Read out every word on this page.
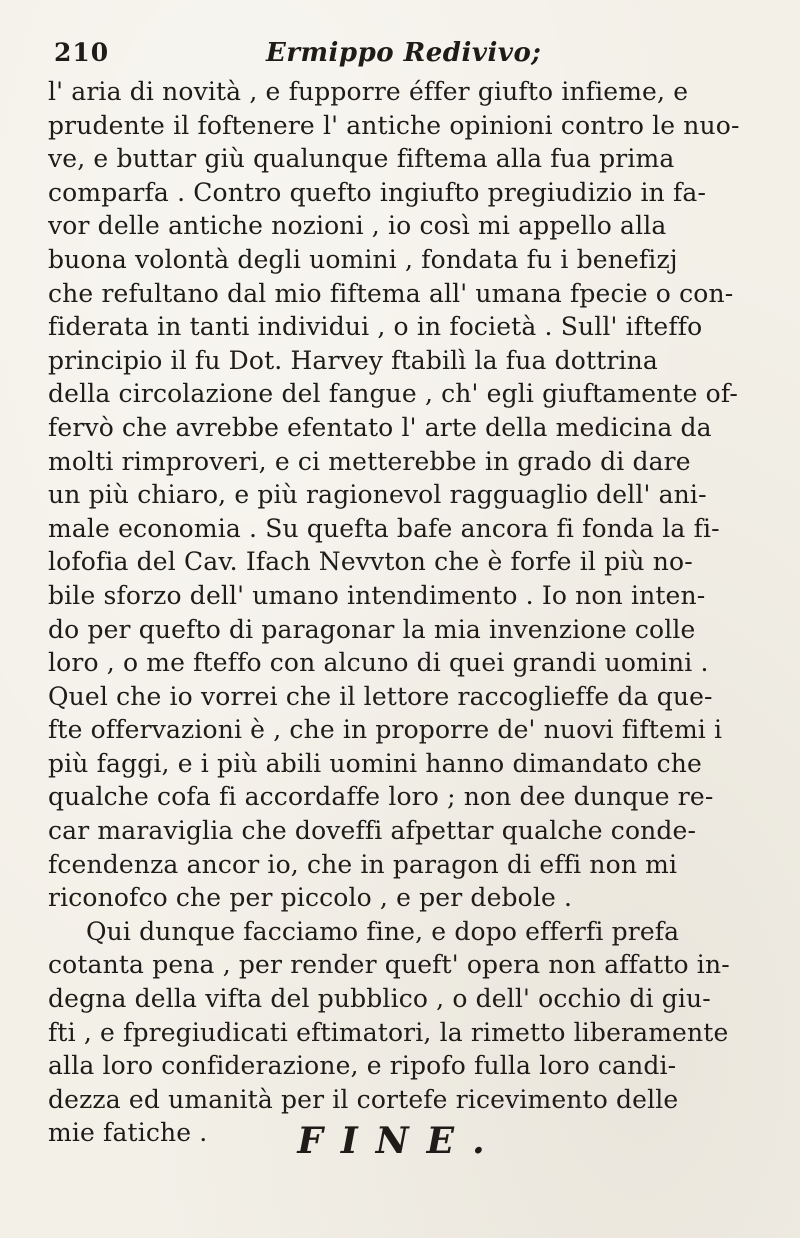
210	Ermippo Redivivo;
l' aria di novità , e fupporre éffer giufto infieme, e
prudente il foftenere l' antiche opinioni contro le nuo-
ve, e buttar giù qualunque fiftema alla fua prima
comparfa . Contro quefto ingiufto pregiudizio in fa-
vor delle antiche nozioni , io così mi appello alla
buona volontà degli uomini , fondata fu i benefizj
che refultano dal mio fiftema all' umana fpecie o con-
fiderata in tanti individui , o in focietà . Sull' ifteffo
principio il fu Dot. Harvey ftabilì la fua dottrina
della circolazione del fangue , ch' egli giuftamente of-
fervò che avrebbe efentato l' arte della medicina da
molti rimproveri, e ci metterebbe in grado di dare
un più chiaro, e più ragionevol ragguaglio dell' ani-
male economia . Su quefta bafe ancora fi fonda la fi-
lofofia del Cav. Ifach Nevvton che è forfe il più no-
bile sforzo dell' umano intendimento . Io non inten-
do per quefto di paragonar la mia invenzione colle
loro , o me fteffo con alcuno di quei grandi uomini .
Quel che io vorrei che il lettore raccoglieffe da que-
fte offervazioni è , che in proporre de' nuovi fiftemi i
più faggi, e i più abili uomini hanno dimandato che
qualche cofa fi accordaffe loro ; non dee dunque re-
car maraviglia che doveffi afpettar qualche conde-
fcendenza ancor io, che in paragon di effi non mi
riconofco che per piccolo , e per debole .
Qui dunque facciamo fine, e dopo efferfi prefa
cotanta pena , per render queft' opera non affatto in-
degna della vifta del pubblico , o dell' occhio di giu-
fti , e fpregiudicati eftimatori, la rimetto liberamente
alla loro confiderazione, e ripofo fulla loro candi-
dezza ed umanità per il cortefe ricevimento delle
mie fatiche .	FINE.
